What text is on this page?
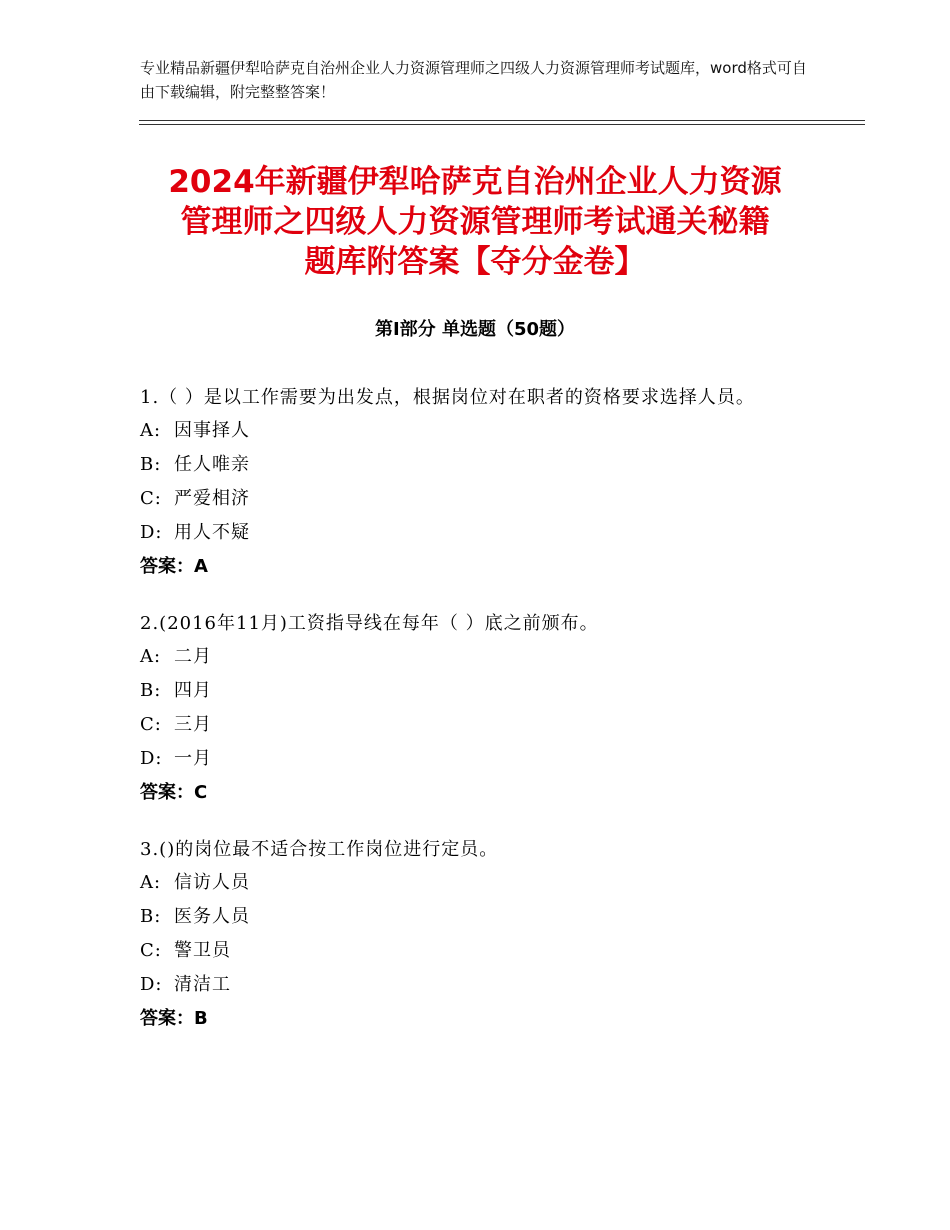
专业精品新疆伊犁哈萨克自治州企业人力资源管理师之四级人力资源管理师考试题库，word格式可自由下载编辑，附完整整答案！
2024年新疆伊犁哈萨克自治州企业人力资源
管理师之四级人力资源管理师考试通关秘籍
题库附答案【夺分金卷】
第Ⅰ部分 单选题（50题）
1.（ ）是以工作需要为出发点，根据岗位对在职者的资格要求选择人员。
A: 因事择人
B: 任人唯亲
C: 严爱相济
D: 用人不疑
答案：A
2.(2016年11月)工资指导线在每年（ ）底之前颁布。
A: 二月
B: 四月
C: 三月
D: 一月
答案：C
3.()的岗位最不适合按工作岗位进行定员。
A: 信访人员
B: 医务人员
C: 警卫员
D: 清洁工
答案：B
